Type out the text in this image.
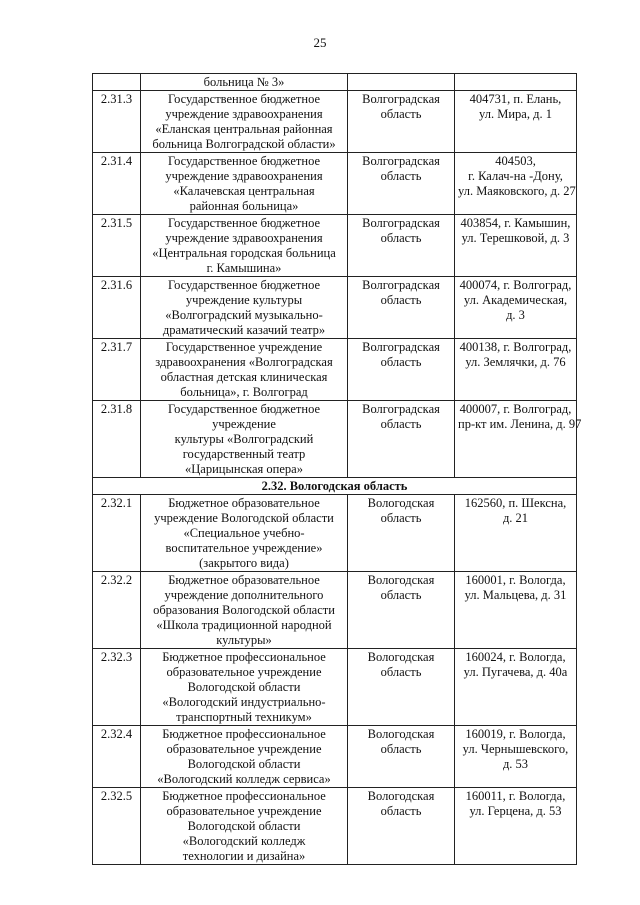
25

	больница № 3»		

2.31.3	Государственное бюджетное
учреждение здравоохранения
«Еланская центральная районная
больница Волгоградской области»	Волгоградская
область	404731, п. Елань,
ул. Мира, д. 1

2.31.4	Государственное бюджетное
учреждение здравоохранения
«Калачевская центральная
районная больница»	Волгоградская
область	404503,
г. Калач-на -Дону,
ул. Маяковского, д. 27

2.31.5	Государственное бюджетное
учреждение здравоохранения
«Центральная городская больница
г. Камышина»	Волгоградская
область	403854, г. Камышин,
ул. Терешковой, д. 3

2.31.6	Государственное бюджетное
учреждение культуры
«Волгоградский музыкально-
драматический казачий театр»	Волгоградская
область	400074, г. Волгоград,
ул. Академическая,
д. 3

2.31.7	Государственное учреждение
здравоохранения «Волгоградская
областная детская клиническая
больница», г. Волгоград	Волгоградская
область	400138, г. Волгоград,
ул. Землячки, д. 76

2.31.8	Государственное бюджетное
учреждение
культуры «Волгоградский
государственный театр
«Царицынская опера»	Волгоградская
область	400007, г. Волгоград,
пр-кт им. Ленина, д. 97

2.32. Вологодская область			
2.32.1	Бюджетное образовательное
учреждение Вологодской области
«Специальное учебно-
воспитательное учреждение»
(закрытого вида)	Вологодская
область	162560, п. Шексна,
д. 21

2.32.2	Бюджетное образовательное
учреждение дополнительного
образования Вологодской области
«Школа традиционной народной
культуры»	Вологодская
область	160001, г. Вологда,
ул. Мальцева, д. 31

2.32.3	Бюджетное профессиональное
образовательное учреждение
Вологодской области
«Вологодский индустриально-
транспортный техникум»	Вологодская
область	160024, г. Вологда,
ул. Пугачева, д. 40а

2.32.4	Бюджетное профессиональное
образовательное учреждение
Вологодской области
«Вологодский колледж сервиса»	Вологодская
область	160019, г. Вологда,
ул. Чернышевского,
д. 53

2.32.5	Бюджетное профессиональное
образовательное учреждение
Вологодской области
«Вологодский колледж
технологии и дизайна»	Вологодская
область	160011, г. Вологда,
ул. Герцена, д. 53
